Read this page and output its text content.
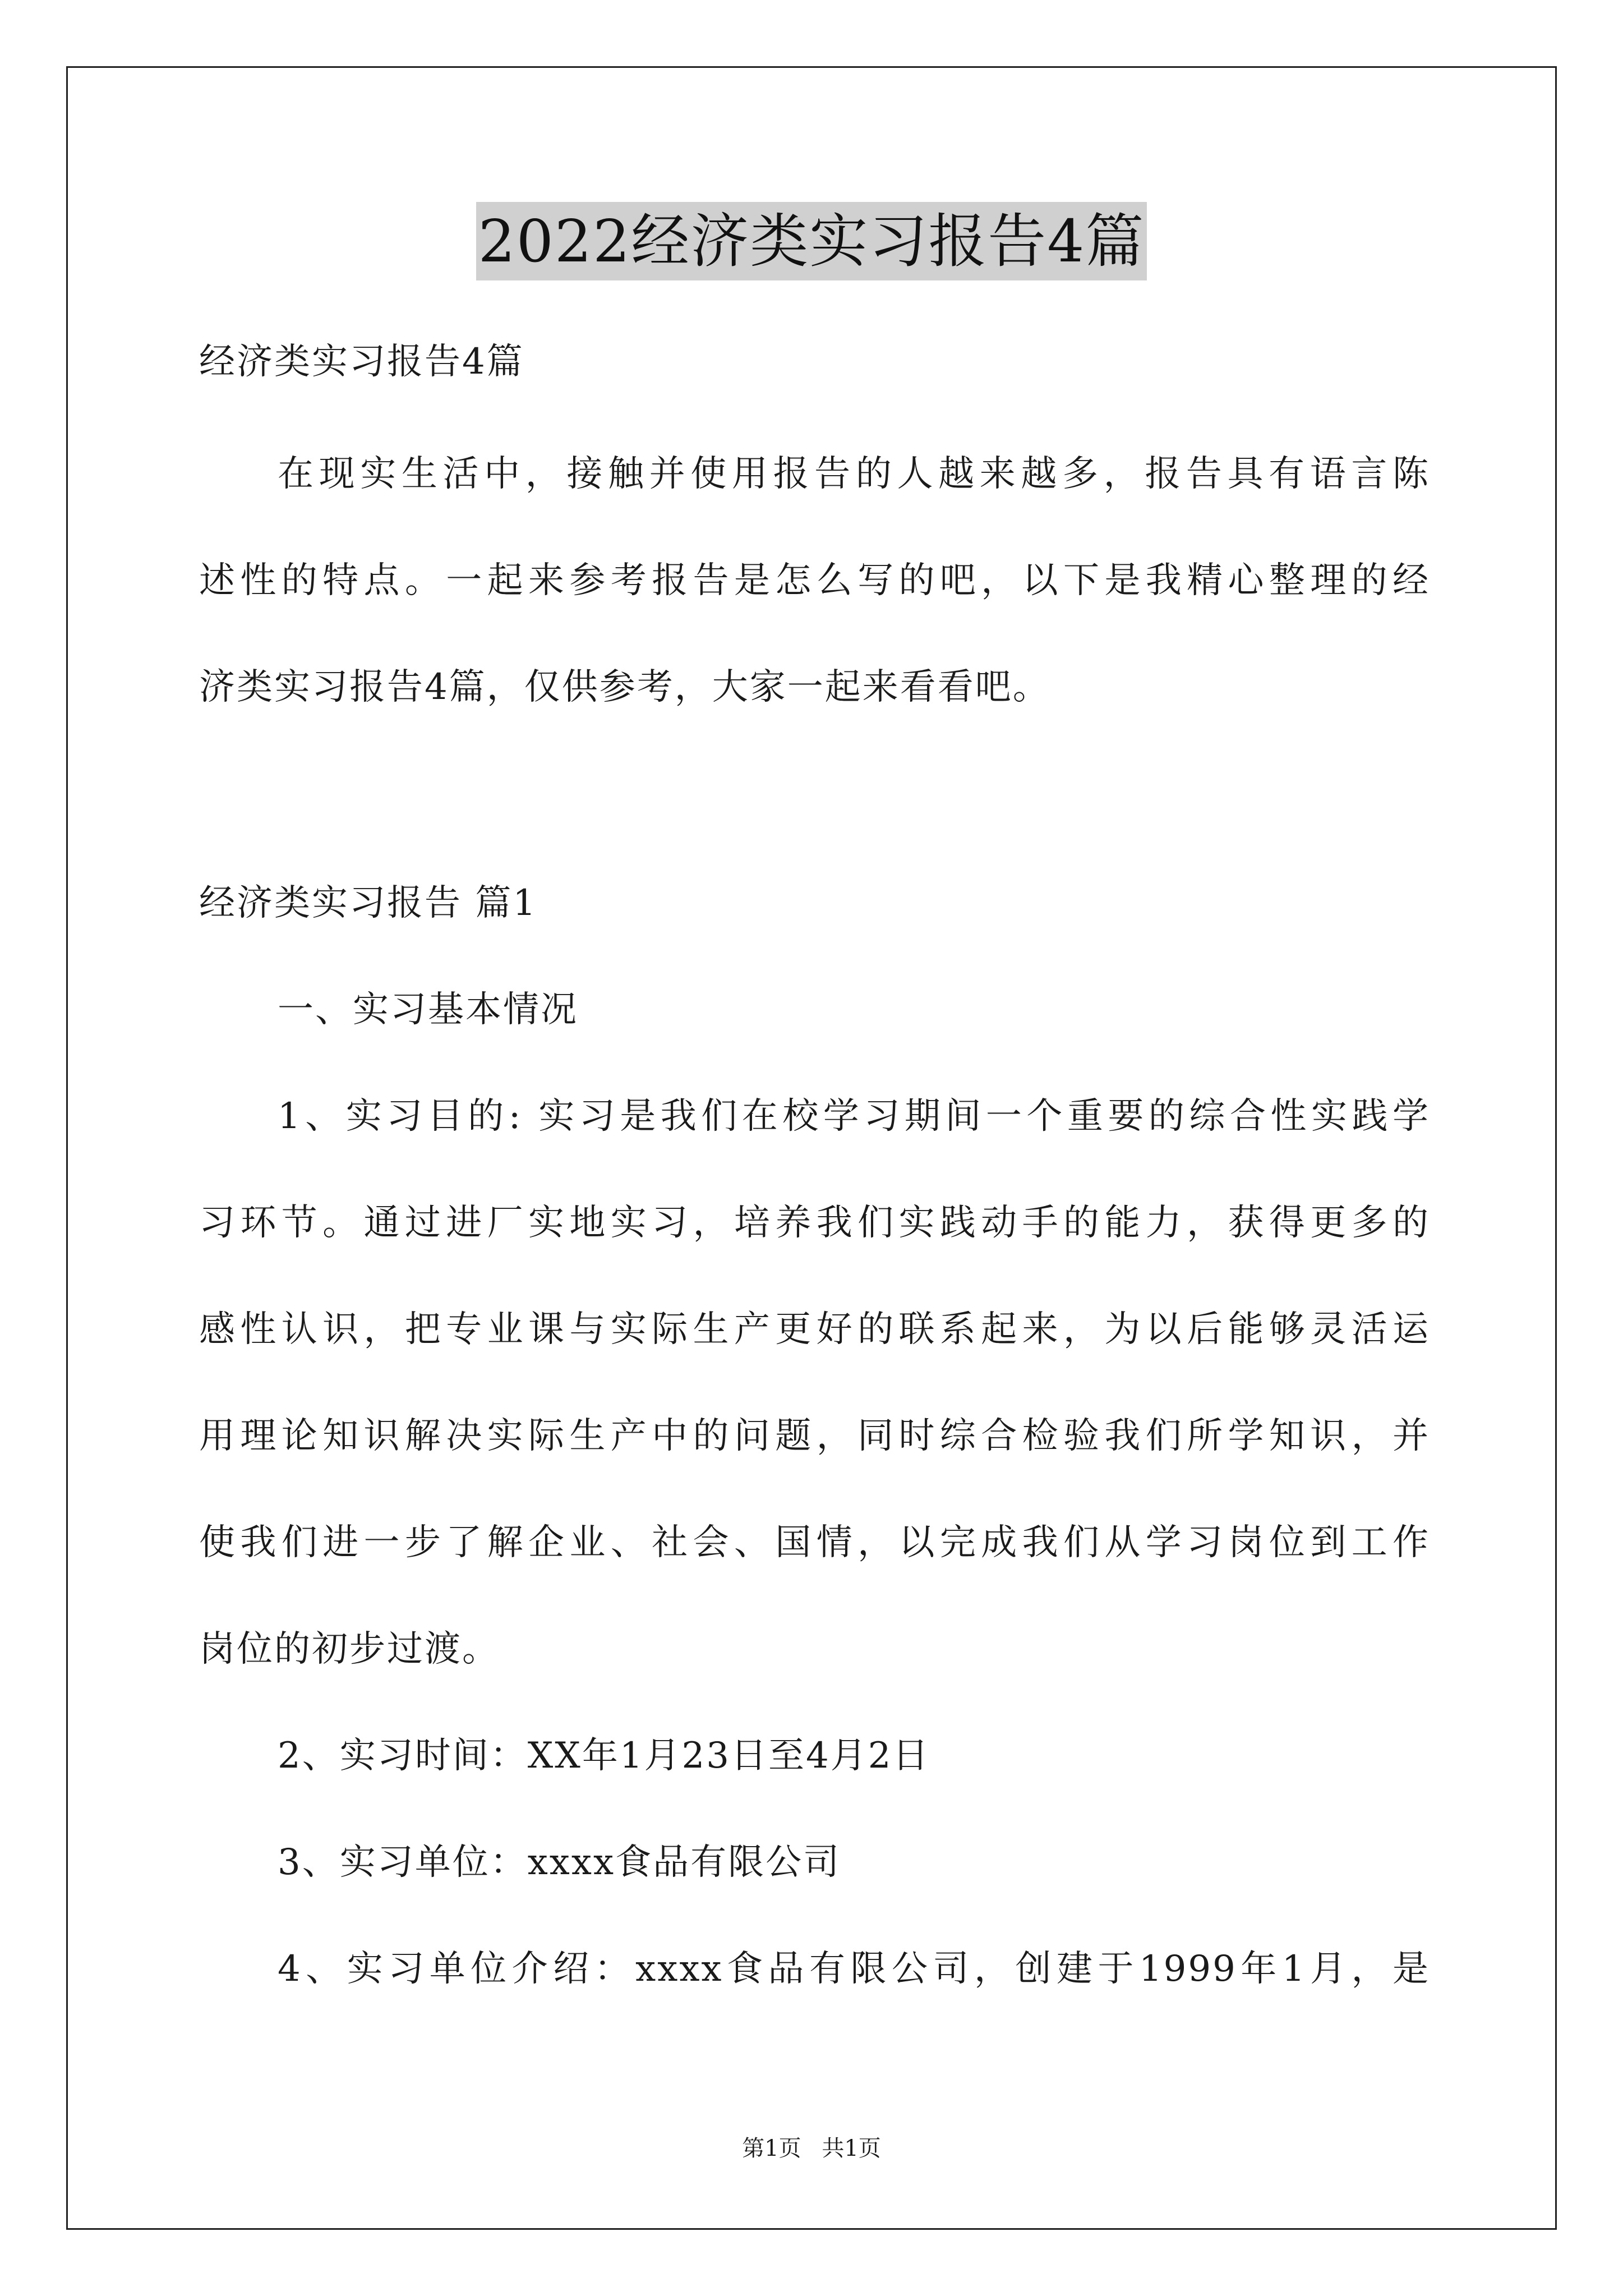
2022经济类实习报告4篇
经济类实习报告4篇
在现实生活中，接触并使用报告的人越来越多，报告具有语言陈
述性的特点。一起来参考报告是怎么写的吧，以下是我精心整理的经
济类实习报告4篇，仅供参考，大家一起来看看吧。
经济类实习报告 篇1
一、实习基本情况
1、实习目的: 实习是我们在校学习期间一个重要的综合性实践学
习环节。通过进厂实地实习，培养我们实践动手的能力，获得更多的
感性认识，把专业课与实际生产更好的联系起来，为以后能够灵活运
用理论知识解决实际生产中的问题，同时综合检验我们所学知识，并
使我们进一步了解企业、社会、国情，以完成我们从学习岗位到工作
岗位的初步过渡。
2、实习时间：XX年1月23日至4月2日
3、实习单位：xxxx食品有限公司
4、实习单位介绍：xxxx食品有限公司，创建于1999年1月，是
第1页 共1页
